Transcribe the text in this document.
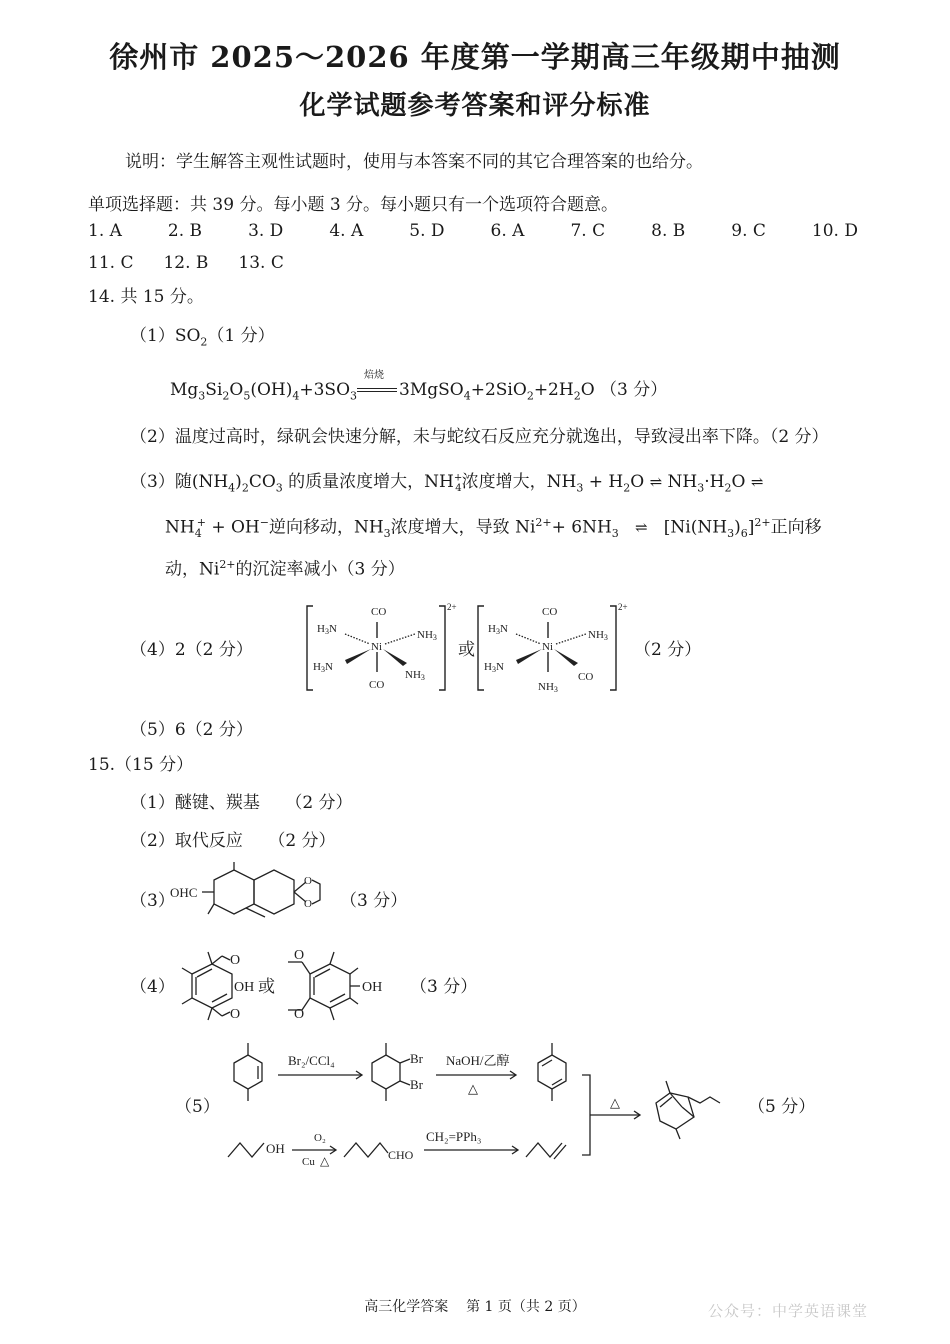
徐州市 2025～2026 年度第一学期高三年级期中抽测
化学试题参考答案和评分标准
说明：学生解答主观性试题时，使用与本答案不同的其它合理答案的也给分。
单项选择题：共 39 分。每小题 3 分。每小题只有一个选项符合题意。
1. A	2. B	3. D	4. A	5. D	6. A	7. C	8. B	9. C	10. D
11. C 12. B 13. C
14. 共 15 分。
$(1)SO_2(1$ 分）
$Mg_3Si_2O_5(OH)_4+3SO_3$
焙烧
$3MgSO_4+2SiO_2+2H_2O$ （3 分）
（2）温度过高时，绿矾会快速分解，未与蛇纹石反应充分就逸出，导致浸出率下降。（2 分）
（3）随$(NH_4)_2CO_3$ 的质量浓度增大，$NH^+_4$浓度增大，$NH_3 + H_2O$ ⇌ $NH_3\cdot H_2O$ ⇌
$NH_4^+ + OH^-$逆向移动，$NH_3$浓度增大，导致 $Ni^{2+}+ 6NH_3$ ⇌   $[Ni(NH_3)_6]^{2+}$正向移
动，$Ni^{2+}$的沉淀率减小（3 分）
（4）2（2 分）
CO
Ni
H3N	NH3
H3N
NH3
CO
2+
或
CO
Ni
H3N	NH3
H3N
CO
NH3
2+
（2 分）
（5）6（2 分）
15.（15 分）
（1）醚键、羰基　　（2 分）
（2）取代反应　　（2 分）
（3）
OHC
O
O （3 分）
（4）
O
OH
O
或
O
OH
O
（3 分）
（5）
Br₂/CCl₄	Br
Br
NaOH/乙醇
△
OH
O₂
Cu △	CHO
CH₂=PPh₃
△	（5 分）
高三化学答案 第 1 页（共 2 页）	公众号：中学英语课堂
